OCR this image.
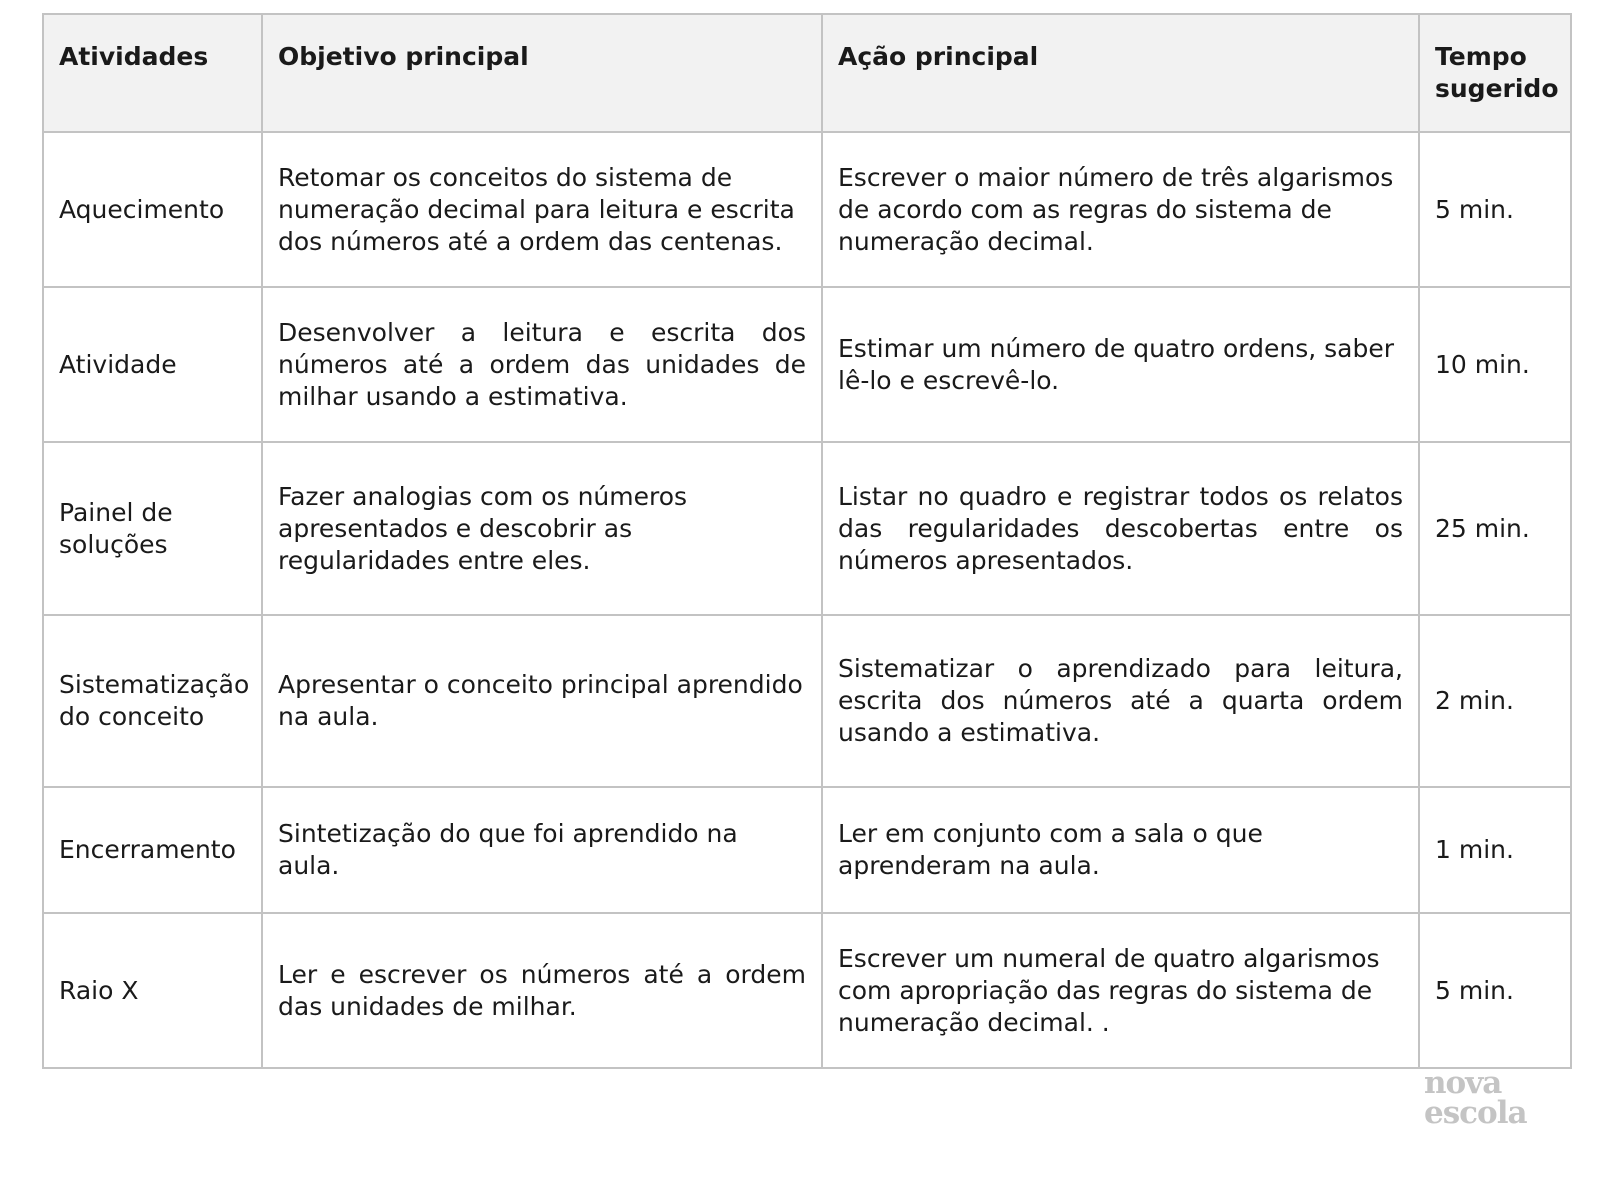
Atividades	Objetivo principal	Ação principal	Tempo sugerido
Aquecimento	Retomar os conceitos do sistema de numeração decimal para leitura e escrita dos números até a ordem das centenas.	Escrever o maior número de três algarismos de acordo com as regras do sistema de numeração decimal.	5 min.
Atividade	Desenvolver a leitura e escrita dos números até a ordem das unidades de milhar usando a estimativa.	Estimar um número de quatro ordens, saber lê-lo e escrevê-lo.	10 min.
Painel de soluções	Fazer analogias com os números apresentados e descobrir as regularidades entre eles.	Listar no quadro e registrar todos os relatos das regularidades descobertas entre os números apresentados.	25 min.
Sistematização do conceito	Apresentar o conceito principal aprendido na aula.	Sistematizar o aprendizado para leitura, escrita dos números até a quarta ordem usando a estimativa.	2 min.
Encerramento	Sintetização do que foi aprendido na aula.	Ler em conjunto com a sala o que aprenderam na aula.	1 min.
Raio X	Ler e escrever os números até a ordem das unidades de milhar.	Escrever um numeral de quatro algarismos com apropriação das regras do sistema de numeração decimal. .	5 min.
nova
escola
